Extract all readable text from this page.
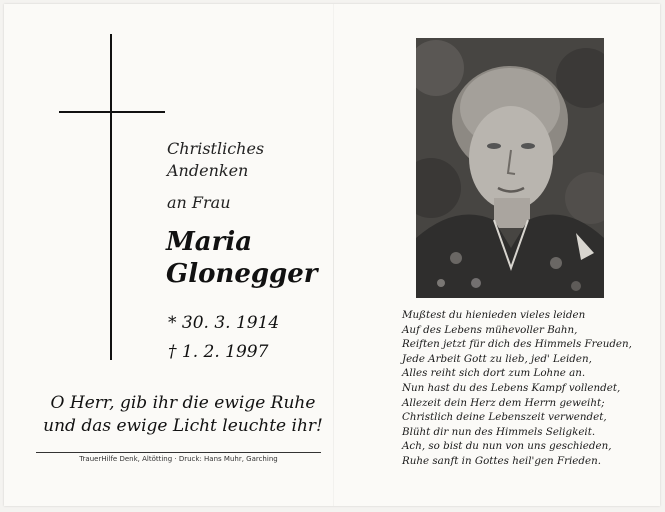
Christliches
Andenken
an Frau
Maria
Glonegger
* 30. 3. 1914
† 1. 2. 1997
O Herr, gib ihr die ewige Ruhe
und das ewige Licht leuchte ihr!
TrauerHilfe Denk, Altötting · Druck: Hans Muhr, Garching
Mußtest du hienieden vieles leiden
Auf des Lebens mühevoller Bahn,
Reiften jetzt für dich des Himmels Freuden,
Jede Arbeit Gott zu lieb, jed' Leiden,
Alles reiht sich dort zum Lohne an.
Nun hast du des Lebens Kampf vollendet,
Allezeit dein Herz dem Herrn geweiht;
Christlich deine Lebenszeit verwendet,
Blüht dir nun des Himmels Seligkeit.
Ach, so bist du nun von uns geschieden,
Ruhe sanft in Gottes heil'gen Frieden.
